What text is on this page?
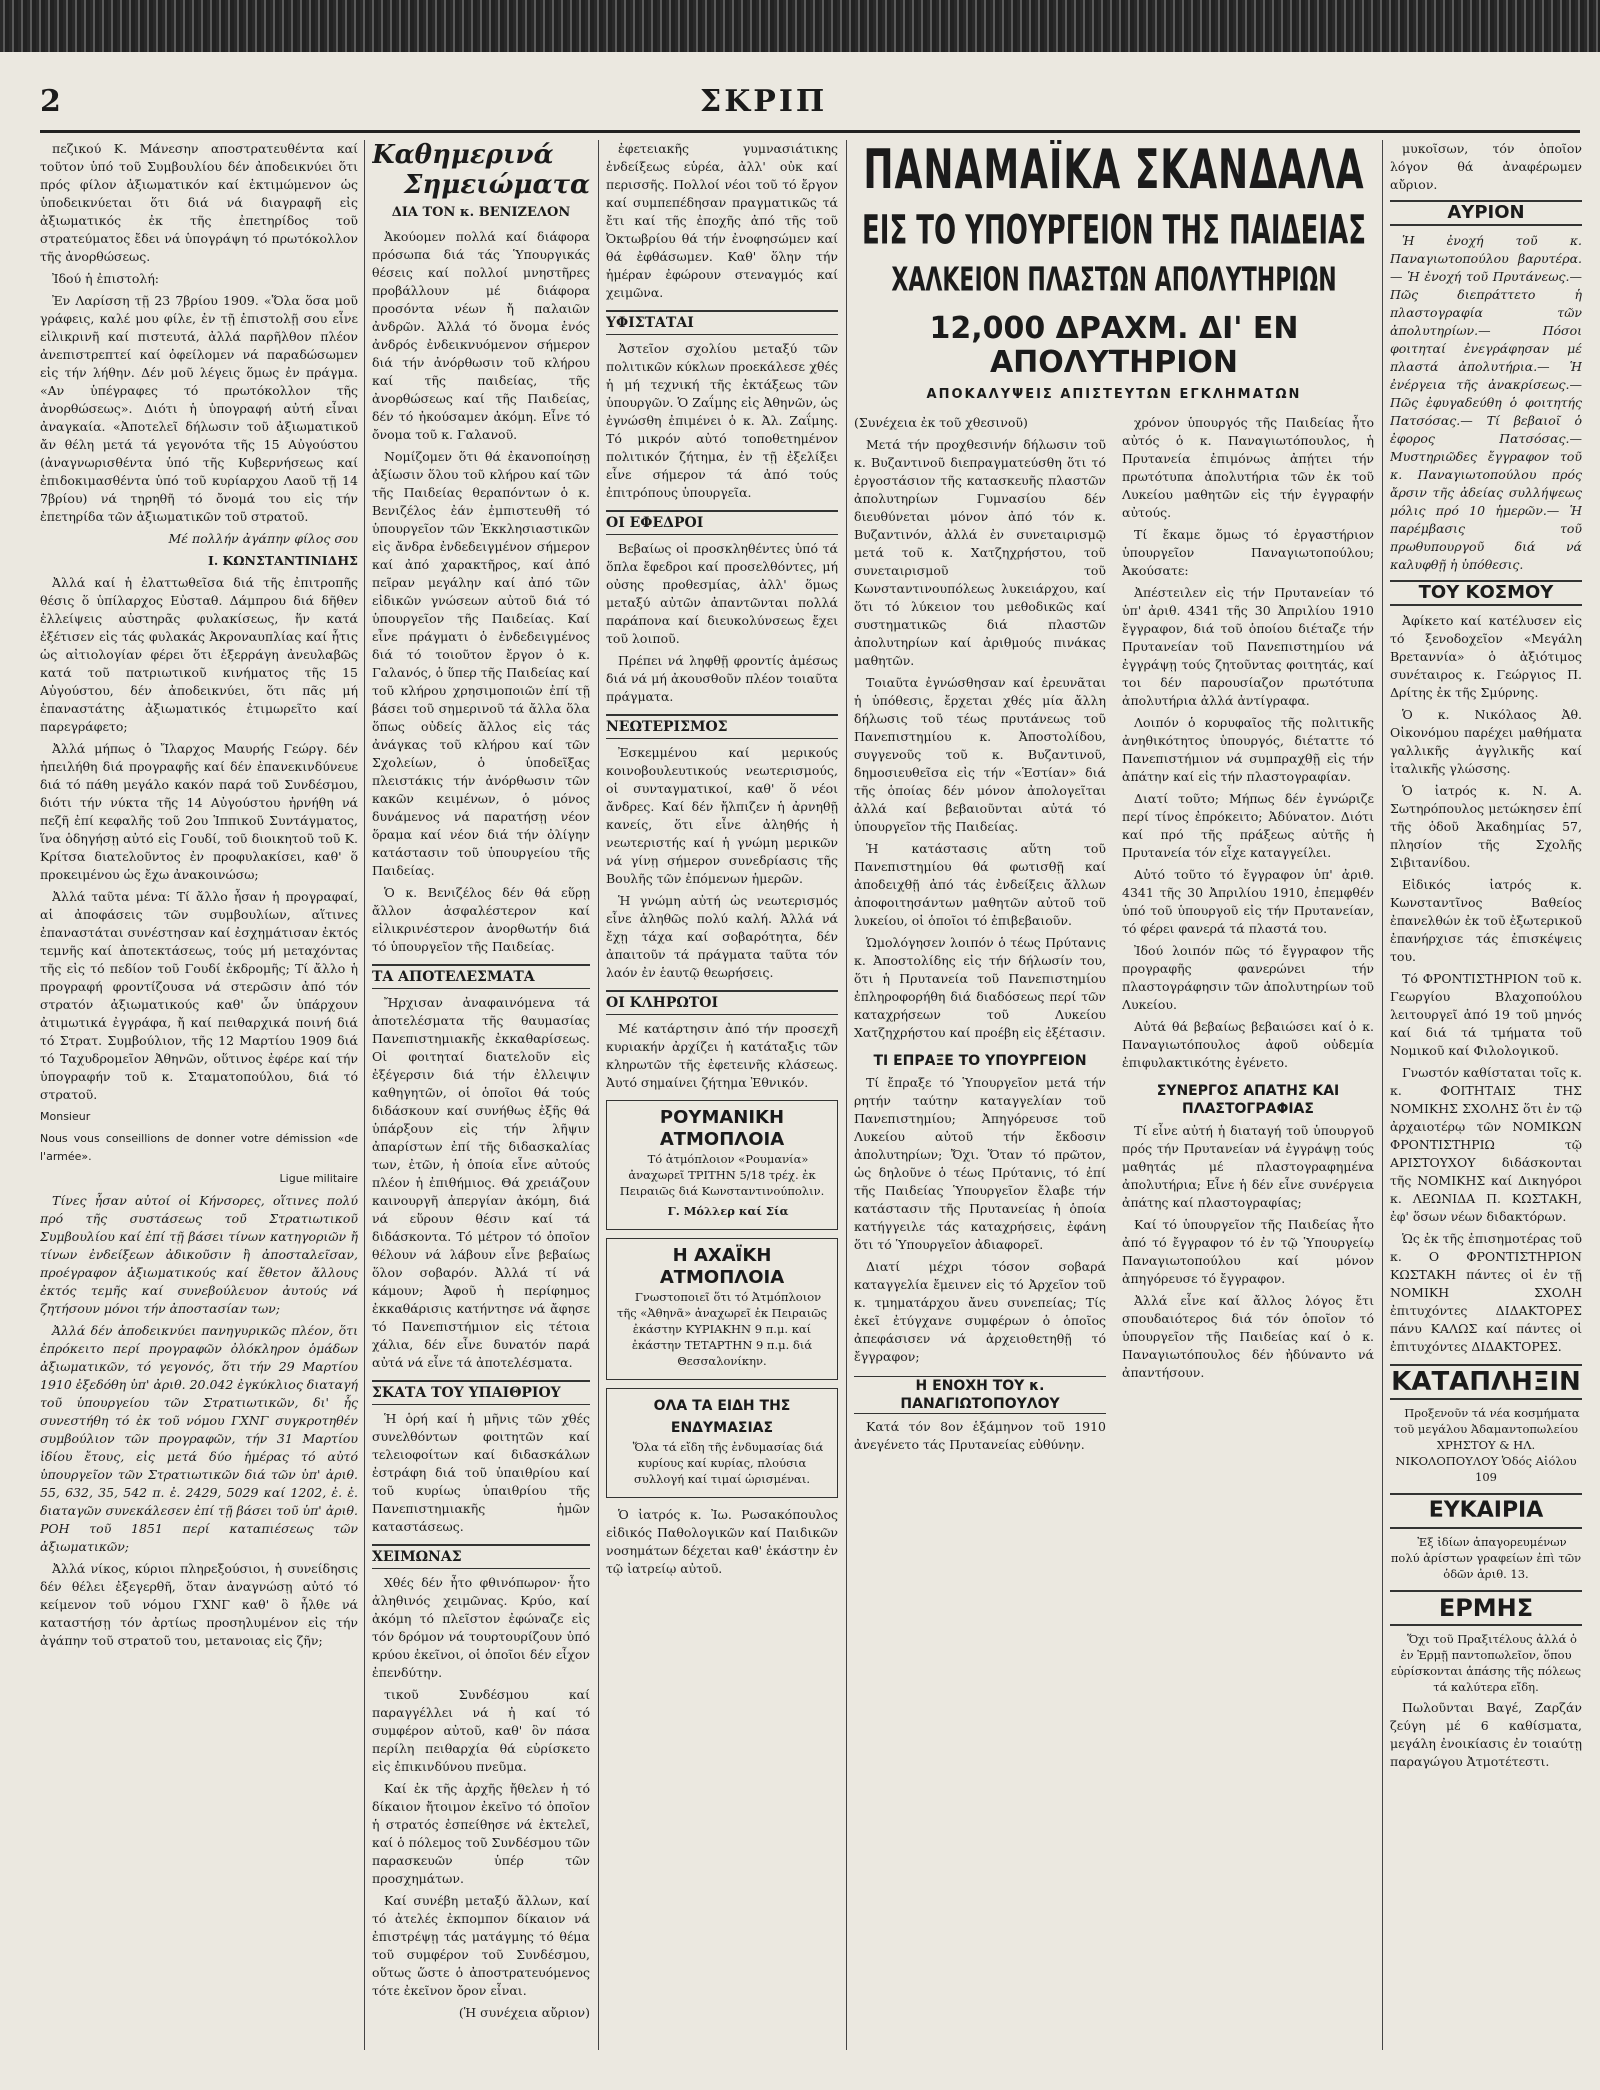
2	ΣΚΡΙΠ

πεζικού Κ. Μάνεσην αποστρατευθέντα καί τοῦτον ὑπό τοῦ Συμβουλίου δέν ἀποδεικνύει ὅτι πρός φίλον ἀξιωματικόν καί ἐκτιμώμενον ὡς ὑποδεικνύεται ὅτι διά νά διαγραφῆ εἰς ἀξιωματικός ἐκ τῆς ἐπετηρίδος τοῦ στρατεύματος ἔδει νά ὑπογράψη τό πρωτόκολλον τῆς ἀνορθώσεως.

Ἰδού ἡ ἐπιστολή:

Ἐν Λαρίσση τῇ 23 7βρίου 1909. «Ὅλα ὅσα μοῦ γράφεις, καλέ μου φίλε, ἐν τῇ ἐπιστολῇ σου εἶνε εἰλικρινῆ καί πιστευτά, ἀλλά παρῆλθον πλέον ἀνεπιστρεπτεί καί ὀφείλομεν νά παραδώσωμεν εἰς τήν λήθην. Δέν μοῦ λέγεις ὅμως ἐν πράγμα. «Αν ὑπέγραφες τό πρωτόκολλον τῆς ἀνορθώσεως». Διότι ἡ ὑπογραφή αὐτή εἶναι ἀναγκαία. «Ἀποτελεῖ δήλωσιν τοῦ ἀξιωματικοῦ ἄν θέλη μετά τά γεγονότα τῆς 15 Αὐγούστου (ἀναγνωρισθέντα ὑπό τῆς Κυβερνήσεως καί ἐπιδοκιμασθέντα ὑπό τοῦ κυρίαρχου Λαοῦ τῇ 14 7βρίου) νά τηρηθῆ τό ὄνομά του εἰς τήν ἐπετηρίδα τῶν ἀξιωματικῶν τοῦ στρατοῦ.

Μέ πολλήν ἀγάπην φίλος σου

Ι. ΚΩΝΣΤΑΝΤΙΝΙΔΗΣ

Ἀλλά καί ἡ ἐλαττωθεῖσα διά τῆς ἐπιτροπῆς θέσις ὅ ὑπίλαρχος Εὐσταθ. Δάμπρου διά δῆθεν ἐλλείψεις αὐστηρᾶς φυλακίσεως, ἥν κατά ἐξέτισεν εἰς τάς φυλακάς Ἀκροναυπλίας καί ἧτις ὡς αἰτιολογίαν φέρει ὅτι ἐξερράγη ἀνευλαβῶς κατά τοῦ πατριωτικοῦ κινήματος τῆς 15 Αὐγούστου, δέν ἀποδεικνύει, ὅτι πᾶς μή ἐπαναστάτης ἀξιωματικός ἐτιμωρεῖτο καί παρεγράφετο;

Ἀλλά μήπως ὁ Ἴλαρχος Μαυρής Γεώργ. δέν ἠπειλήθη διά προγραφῆς καί δέν ἐπανεκινδύνευε διά τό πάθη μεγάλο κακόν παρά τοῦ Συνδέσμου, διότι τήν νύκτα τῆς 14 Αὐγούστου ἠρνήθη νά πεζῆ ἐπί κεφαλῆς τοῦ 2ου Ἱππικοῦ Συντάγματος, ἵνα ὁδηγήσῃ αὐτό εἰς Γουδί, τοῦ διοικητοῦ τοῦ Κ. Κρίτσα διατελοῦντος ἐν προφυλακίσει, καθ' ὅ προκειμένου ὡς ἔχω ἀνακοινώσω;

Ἀλλά ταῦτα μένα: Τί ἄλλο ἦσαν ἡ προγραφαί, αἱ ἀποφάσεις τῶν συμβουλίων, αἵτινες ἐπαναστάται συνέστησαν καί ἐσχημάτισαν ἐκτός τεμνῆς καί ἀποτεκτάσεως, τούς μή μεταχόντας τῆς εἰς τό πεδίον τοῦ Γουδί ἐκδρομῆς; Τί ἄλλο ἡ προγραφή φροντίζουσα νά στερῶσιν ἀπό τόν στρατόν ἀξιωματικούς καθ' ὧν ὑπάρχουν ἀτιμωτικά ἐγγράφα, ἤ καί πειθαρχικά ποινή διά τό Στρατ. Συμβούλιον, τῆς 12 Μαρτίου 1909 διά τό Ταχυδρομεῖον Ἀθηνῶν, οὕτινος ἐφέρε καί τήν ὑπογραφήν τοῦ κ. Σταματοπούλου, διά τό στρατοῦ.

Monsieur

Nous vous conseillions de donner votre démission «de l'armée».

Ligue militaire

Τίνες ἦσαν αὐτοί οἱ Κήνσορες, οἵτινες πολύ πρό τῆς συστάσεως τοῦ Στρατιωτικοῦ Συμβουλίου καί ἐπί τῇ βάσει τίνων κατηγοριῶν ἤ τίνων ἐνδείξεων ἀδικοῦσιν ἢ ἀποσταλεῖσαν, προέγραφον ἀξιωματικούς καί ἔθετον ἄλλους ἐκτός τεμῆς καί συνεβούλευον ἀυτούς νά ζητήσουν μόνοι τήν ἀποστασίαν των;

Ἀλλά δέν ἀποδεικνύει πανηγυρικῶς πλέον, ὅτι ἐπρόκειτο περί προγραφῶν ὀλόκληρον ὁμάδων ἀξιωματικῶν, τό γεγονός, ὅτι τήν 29 Μαρτίου 1910 ἐξεδόθη ὑπ' ἀριθ. 20.042 ἐγκύκλιος διαταγή τοῦ ὑπουργείου τῶν Στρατιωτικῶν, δι' ἧς συνεστήθη τό ἐκ τοῦ νόμου ΓΧΝΓ συγκροτηθέν συμβούλιον τῶν προγραφῶν, τήν 31 Μαρτίου ἰδίου ἔτους, εἰς μετά δύο ἡμέρας τό αὐτό ὑπουργεῖον τῶν Στρατιωτικῶν διά τῶν ὑπ' ἀριθ. 55, 632, 35, 542 π. ἐ. 2429, 5029 καί 1202, ἐ. ἐ. διαταγῶν συνεκάλεσεν ἐπί τῇ βάσει τοῦ ὑπ' ἀριθ. ΡΟΗ τοῦ 1851 περί καταπιέσεως τῶν ἀξιωματικῶν;

Ἀλλά νίκος, κύριοι πληρεξούσιοι, ἡ συνείδησις δέν θέλει ἐξεγερθῆ, ὅταν ἀναγνώσῃ αὐτό τό κείμενον τοῦ νόμου ΓΧΝΓ καθ' ὃ ἦλθε νά καταστήσῃ τόν ἀρτίως προσηλυμένον εἰς τήν ἀγάπην τοῦ στρατοῦ του, μετανοιας εἰς ζῆν;

Καθημερινά
Σημειώματα
ΔΙΑ ΤΟΝ κ. ΒΕΝΙΖΕΛΟΝ

Ἀκούομεν πολλά καί διάφορα πρόσωπα διά τάς Ὑπουργικάς θέσεις καί πολλοί μνηστῆρες προβάλλουν μέ διάφορα προσόντα νέων ἤ παλαιῶν ἀνδρῶν. Ἀλλά τό ὄνομα ἑνός ἀνδρός ἐνδεικνυόμενον σήμερον διά τήν ἀνόρθωσιν τοῦ κλήρου καί τῆς παιδείας, τῆς ἀνορθώσεως καί τῆς Παιδείας, δέν τό ἠκούσαμεν ἀκόμη. Εἶνε τό ὄνομα τοῦ κ. Γαλανοῦ.

Νομίζομεν ὅτι θά ἐκανοποίησῃ ἀξίωσιν ὅλου τοῦ κλήρου καί τῶν τῆς Παιδείας θεραπόντων ὁ κ. Βενιζέλος ἐάν ἐμπιστευθῆ τό ὑπουργεῖον τῶν Ἐκκλησιαστικῶν εἰς ἄνδρα ἐνδεδειγμένον σήμερον καί ἀπό χαρακτῆρος, καί ἀπό πεῖραν μεγάλην καί ἀπό τῶν εἰδικῶν γνώσεων αὐτοῦ διά τό ὑπουργεῖον τῆς Παιδείας. Καί εἶνε πράγματι ὁ ἐνδεδειγμένος διά τό τοιοῦτον ἔργον ὁ κ. Γαλανός, ὁ ὕπερ τῆς Παιδείας καί τοῦ κλήρου χρησιμοποιῶν ἐπί τῇ βάσει τοῦ σημερινοῦ τά ἄλλα ὅλα ὅπως οὐδείς ἄλλος εἰς τάς ἀνάγκας τοῦ κλήρου καί τῶν Σχολείων, ὁ ὑποδεῖξας πλειστάκις τήν ἀνόρθωσιν τῶν κακῶν κειμένων, ὁ μόνος δυνάμενος νά παρατήσῃ νέον ὅραμα καί νέον διά τήν ὀλίγην κατάστασιν τοῦ ὑπουργείου τῆς Παιδείας.

Ὁ κ. Βενιζέλος δέν θά εὕρῃ ἄλλον ἀσφαλέστερον καί εἰλικρινέστερον ἀνορθωτήν διά τό ὑπουργεῖον τῆς Παιδείας.

ΤΑ ΑΠΟΤΕΛΕΣΜΑΤΑ

Ἤρχισαν ἀναφαινόμενα τά ἀποτελέσματα τῆς θαυμασίας Πανεπιστημιακῆς ἐκκαθαρίσεως. Οἱ φοιτηταί διατελοῦν εἰς ἐξέγερσιν διά τήν ἐλλειψιν καθηγητῶν, οἱ ὁποῖοι θά τούς διδάσκουν καί συνήθως ἐξῆς θά ὑπάρξουν εἰς τήν λῆψιν ἀπαρίστων ἐπί τῆς διδασκαλίας των, ἐτῶν, ἡ ὁποία εἶνε αὐτούς πλέον ἡ ἐπιθήμιος. Θά χρειάζουν καινουργῆ ἀπεργίαν ἀκόμη, διά νά εὕρουν θέσιν καί τά διδάσκοντα. Τό μέτρον τό ὁποῖον θέλουν νά λάβουν εἶνε βεβαίως ὅλον σοβαρόν. Ἀλλά τί νά κάμουν; Ἀφοῦ ἡ περίφημος ἐκκαθάρισις κατήντησε νά ἄφησε τό Πανεπιστήμιον εἰς τέτοια χάλια, δέν εἶνε δυνατόν παρά αὐτά νά εἶνε τά ἀποτελέσματα.

ΣΚΑΤΑ ΤΟΥ ΥΠΑΙΘΡΙΟΥ

Ἡ ὁρή καί ἡ μῆνις τῶν χθές συνελθόντων φοιτητῶν καί τελειοφοίτων καί διδασκάλων ἐστράφη διά τοῦ ὑπαιθρίου καί τοῦ κυρίως ὑπαιθρίου τῆς Πανεπιστημιακῆς ἡμῶν καταστάσεως.

ΧΕΙΜΩΝΑΣ

Χθές δέν ἦτο φθινόπωρον· ἦτο ἀληθινός χειμῶνας. Κρύο, καί ἀκόμη τό πλεῖστον ἐφώναζε εἰς τόν δρόμον νά τουρτουρίζουν ὑπό κρύου ἐκεῖνοι, οἱ ὁποῖοι δέν εἶχον ἐπενδύτην.

τικοῦ Συνδέσμου καί παραγγέλλει νά ἠ καί τό συμφέρον αὐτοῦ, καθ' ὃν πάσα περίλη πειθαρχία θά εὑρίσκετο εἰς ἐπικινδύνου πνεῦμα.

Καί ἐκ τῆς ἀρχῆς ἤθελεν ἡ τό δίκαιον ἤτοιμον ἐκεῖνο τό ὁποῖον ἡ στρατός ἐσπείθησε νά ἐκτελεῖ, καί ὁ πόλεμος τοῦ Συνδέσμου τῶν παρασκευῶν ὑπέρ τῶν προσχημάτων.

Καί συνέβη μεταξύ ἄλλων, καί τό ἀτελές ἐκπομπον δίκαιον νά ἐπιστρέψῃ τάς ματάγμης τό θέμα τοῦ συμφέρον τοῦ Συνδέσμου, οὕτως ὥστε ὁ ἀποστρατευόμενος τότε ἐκεῖνον ὄρον εἶναι.

(Ἡ συνέχεια αὔριον)

ἐφετειακῆς γυμνασιάτικης ἐνδείξεως εὑρέα, ἀλλ' οὐκ καί περισσῆς. Πολλοί νέοι τοῦ τό ἔργον καί συμπεπέδησαν πραγματικῶς τά ἔτι καί τῆς ἐποχῆς ἀπό τῆς τοῦ Ὀκτωβρίου θά τήν ἐνοφησώμεν καί θά ἐφθάσωμεν. Καθ' ὅλην τήν ἡμέραν ἐφώρουν στεναγμός καί χειμῶνα.

ΥΦΙΣΤΑΤΑΙ

Ἀστεῖον σχολίου μεταξύ τῶν πολιτικῶν κύκλων προεκάλεσε χθές ἡ μή τεχνική τῆς ἐκτάξεως τῶν ὑπουργῶν. Ὁ Ζαΐμης εἰς Ἀθηνῶν, ὡς ἐγνώσθη ἐπιμένει ὁ κ. Ἀλ. Ζαΐμης. Τό μικρόν αὐτό τοποθετημένον πολιτικόν ζήτημα, ἐν τῇ ἐξελίξει εἶνε σήμερον τά ἀπό τούς ἐπιτρόπους ὑπουργεῖα.

ΟΙ ΕΦΕΔΡΟΙ

Βεβαίως οἱ προσκληθέντες ὑπό τά ὅπλα ἔφεδροι καί προσελθόντες, μή οὐσης προθεσμίας, ἀλλ' ὅμως μεταξύ αὐτῶν ἀπαντῶνται πολλά παράπονα καί διευκολύνσεως ἔχει τοῦ λοιποῦ.

Πρέπει νά ληφθῇ φροντίς ἁμέσως διά νά μή ἀκουσθοῦν πλέον τοιαῦτα πράγματα.

ΝΕΩΤΕΡΙΣΜΟΣ

Ἐσκεμμένου καί μερικούς κοινοβουλευτικούς νεωτερισμούς, οἱ συνταγματικοί, καθ' ὅ νέοι ἄνδρες. Καί δέν ἤλπιζεν ἡ ἀρνηθῇ κανείς, ὅτι εἶνε ἀληθής ἡ νεωτεριστής καί ἡ γνώμη μερικῶν νά γίνῃ σήμερον συνεδρίασις τῆς Βουλῆς τῶν ἐπόμενων ἡμερῶν.

Ἡ γνώμη αὐτή ὡς νεωτερισμός εἶνε ἀληθῶς πολύ καλή. Ἀλλά νά ἔχῃ τάχα καί σοβαρότητα, δέν ἀπαιτοῦν τά πράγματα ταῦτα τόν λαόν ἐν ἑαυτῷ θεωρήσεις.

ΟΙ ΚΛΗΡΩΤΟΙ

Μέ κατάρτησιν ἀπό τήν προσεχῆ κυριακήν ἀρχίζει ἡ κατάταξις τῶν κληρωτῶν τῆς ἐφετεινῆς κλάσεως. Ἀυτό σημαίνει ζήτημα Ἐθνικόν.

ΡΟΥΜΑΝΙΚΗ ΑΤΜΟΠΛΟΙΑ

Τό ἀτμόπλοιον «Ρουμανία» ἀναχωρεῖ ΤΡΙΤΗΝ 5/18 τρέχ. ἐκ Πειραιῶς διά Κωνσταντινούπολιν.

Γ. Μόλλερ καί Σία

Η ΑΧΑΪΚΗ ΑΤΜΟΠΛΟΙΑ

Γνωστοποιεῖ ὅτι τό Ἀτμόπλοιον τῆς «Ἀθηνᾶ» ἀναχωρεῖ ἐκ Πειραιῶς ἐκάστην ΚΥΡΙΑΚΗΝ 9 π.μ. καί ἐκάστην ΤΕΤΑΡΤΗΝ 9 π.μ. διά Θεσσαλονίκην.

ΟΛΑ ΤΑ ΕΙΔΗ ΤΗΣ ΕΝΔΥΜΑΣΙΑΣ

Ὅλα τά εἴδη τῆς ἐνδυμασίας διά κυρίους καί κυρίας, πλούσια συλλογή καί τιμαί ὡρισμέναι.

Ὁ ἰατρός κ. Ἰω. Ρωσακόπουλος εἰδικός Παθολογικῶν καί Παιδικῶν νοσημάτων δέχεται καθ' ἑκάστην ἐν τῷ ἰατρείῳ αὐτοῦ.

ΠΑΝΑΜΑΪΚΑ ΣΚΑΝΔΑΛΑ
ΕΙΣ ΤΟ ΥΠΟΥΡΓΕΙΟΝ ΤΗΣ ΠΑΙΔΕΙΑΣ
ΧΑΛΚΕΙΟΝ ΠΛΑΣΤΩΝ ΑΠΟΛΥΤΗΡΙΩΝ
12,000 ΔΡΑΧΜ. ΔΙ' ΕΝ ΑΠΟΛΥΤΗΡΙΟΝ
ΑΠΟΚΑΛΥΨΕΙΣ ΑΠΙΣΤΕΥΤΩΝ ΕΓΚΛΗΜΑΤΩΝ

(Συνέχεια ἐκ τοῦ χθεσινοῦ)

Μετά τήν προχθεσινήν δήλωσιν τοῦ κ. Βυζαντινοῦ διεπραγματεύσθη ὅτι τό ἐργοστάσιον τῆς κατασκευῆς πλαστῶν ἀπολυτηρίων Γυμνασίου δέν διευθύνεται μόνον ἀπό τόν κ. Βυζαντινόν, ἀλλά ἐν συνεταιρισμῷ μετά τοῦ κ. Χατζηχρήστου, τοῦ συνεταιρισμοῦ τοῦ Κωνσταντινουπόλεως λυκειάρχου, καί ὅτι τό λύκειον του μεθοδικῶς καί συστηματικῶς διά πλαστῶν ἀπολυτηρίων καί ἀριθμούς πινάκας μαθητῶν.

Τοιαῦτα ἐγνώσθησαν καί ἐρευνᾶται ἡ ὑπόθεσις, ἔρχεται χθές μία ἄλλη δήλωσις τοῦ τέως πρυτάνεως τοῦ Πανεπιστημίου κ. Ἀποστολίδου, συγγενοῦς τοῦ κ. Βυζαντινοῦ, δημοσιευθεῖσα εἰς τήν «Ἑστίαν» διά τῆς ὁποίας δέν μόνον ἀπολογεῖται ἀλλά καί βεβαιοῦνται αὐτά τό ὑπουργεῖον τῆς Παιδείας.

Ἡ κατάστασις αὕτη τοῦ Πανεπιστημίου θά φωτισθῇ καί ἀποδειχθῇ ἀπό τάς ἐνδείξεις ἄλλων ἀποφοιτησάντων μαθητῶν αὐτοῦ τοῦ λυκείου, οἱ ὁποῖοι τό ἐπιβεβαιοῦν.

Ὡμολόγησεν λοιπόν ὁ τέως Πρύτανις κ. Ἀποστολίδης εἰς τήν δήλωσίν του, ὅτι ἡ Πρυτανεία τοῦ Πανεπιστημίου ἐπληροφορήθη διά διαδόσεως περί τῶν καταχρήσεων τοῦ Λυκείου Χατζηχρήστου καί προέβη εἰς ἐξέτασιν.

ΤΙ ΕΠΡΑΞΕ ΤΟ ΥΠΟΥΡΓΕΙΟΝ

Τί ἔπραξε τό Ὑπουργεῖον μετά τήν ρητήν ταύτην καταγγελίαν τοῦ Πανεπιστημίου; Ἀπηγόρευσε τοῦ Λυκείου αὐτοῦ τήν ἔκδοσιν ἀπολυτηρίων; Ὄχι. Ὅταν τό πρῶτον, ὡς δηλοῦνε ὁ τέως Πρύτανις, τό ἐπί τῆς Παιδείας Ὑπουργεῖον ἔλαβε τήν κατάστασιν τῆς Πρυτανείας ἡ ὁποία κατήγγειλε τάς καταχρήσεις, ἐφάνη ὅτι τό Ὑπουργεῖον ἀδιαφορεῖ.

Διατί μέχρι τόσον σοβαρά καταγγελία ἔμεινεν εἰς τό Ἀρχεῖον τοῦ κ. τμηματάρχου ἄνευ συνεπείας; Τίς ἐκεῖ ἐτύγχανε συμφέρων ὁ ὁποῖος ἀπεφάσισεν νά ἀρχειοθετηθῇ τό ἔγγραφον;

Η ΕΝΟΧΗ ΤΟΥ κ. ΠΑΝΑΓΙΩΤΟΠΟΥΛΟΥ

Κατά τόν 8ον ἑξάμηνον τοῦ 1910 ἀνεγένετο τάς Πρυτανείας εὐθύνην.

χρόνον ὑπουργός τῆς Παιδείας ἦτο αὐτός ὁ κ. Παναγιωτόπουλος, ἡ Πρυτανεία ἐπιμόνως ἀπῄτει τήν πρωτότυπα ἀπολυτήρια τῶν ἐκ τοῦ Λυκείου μαθητῶν εἰς τήν ἐγγραφήν αὐτούς.

Τί ἔκαμε ὅμως τό ἐργαστήριον ὑπουργεῖον Παναγιωτοπούλου; Ἀκούσατε:

Ἀπέστειλεν εἰς τήν Πρυτανείαν τό ὑπ' ἀριθ. 4341 τῆς 30 Ἀπριλίου 1910 ἔγγραφον, διά τοῦ ὁποίου διέταζε τήν Πρυτανείαν τοῦ Πανεπιστημίου νά ἐγγράψῃ τούς ζητοῦντας φοιτητάς, καί τοι δέν παρουσίαζον πρωτότυπα ἀπολυτήρια ἀλλά ἀντίγραφα.

Λοιπόν ὁ κορυφαῖος τῆς πολιτικῆς ἀνηθικότητος ὑπουργός, διέταττε τό Πανεπιστήμιον νά συμπραχθῇ εἰς τήν ἀπάτην καί εἰς τήν πλαστογραφίαν.

Διατί τοῦτο; Μήπως δέν ἐγνώριζε περί τίνος ἐπρόκειτο; Ἀδύνατον. Διότι καί πρό τῆς πράξεως αὐτῆς ἡ Πρυτανεία τόν εἶχε καταγγείλει.

Αὐτό τοῦτο τό ἔγγραφον ὑπ' ἀριθ. 4341 τῆς 30 Ἀπριλίου 1910, ἐπεμφθέν ὑπό τοῦ ὑπουργοῦ εἰς τήν Πρυτανείαν, τό φέρει φανερά τά πλαστά του.

Ἰδού λοιπόν πῶς τό ἔγγραφον τῆς προγραφῆς φανερώνει τήν πλαστογράφησιν τῶν ἀπολυτηρίων τοῦ Λυκείου.

Αὐτά θά βεβαίως βεβαιώσει καί ὁ κ. Παναγιωτόπουλος ἀφοῦ οὐδεμία ἐπιφυλακτικότης ἐγένετο.

ΣΥΝΕΡΓΟΣ ΑΠΑΤΗΣ ΚΑΙ ΠΛΑΣΤΟΓΡΑΦΙΑΣ

Τί εἶνε αὐτή ἡ διαταγή τοῦ ὑπουργοῦ πρός τήν Πρυτανείαν νά ἐγγράψῃ τούς μαθητάς μέ πλαστογραφημένα ἀπολυτήρια; Εἶνε ἡ δέν εἶνε συνέργεια ἀπάτης καί πλαστογραφίας;

Καί τό ὑπουργεῖον τῆς Παιδείας ἦτο ἀπό τό ἔγγραφον τό ἐν τῷ Ὑπουργείῳ Παναγιωτοπούλου καί μόνον ἀπηγόρευσε τό ἔγγραφον.

Ἀλλά εἶνε καί ἄλλος λόγος ἔτι σπουδαιότερος διά τόν ὁποῖον τό ὑπουργεῖον τῆς Παιδείας καί ὁ κ. Παναγιωτόπουλος δέν ἠδύναντο νά ἀπαντήσουν.

μυκοῖσων, τόν ὁποῖον λόγον θά ἀναφέρωμεν αὔριον.

ΑΥΡΙΟΝ

Ἡ ἐνοχή τοῦ κ. Παναγιωτοπούλου βαρυτέρα.— Ἡ ἐνοχή τοῦ Πρυτάνεως.— Πῶς διεπράττετο ἡ πλαστογραφία τῶν ἀπολυτηρίων.— Πόσοι φοιτηταί ἐνεγράφησαν μέ πλαστά ἀπολυτήρια.— Ἡ ἐνέργεια τῆς ἀνακρίσεως.— Πῶς ἐφυγαδεύθη ὁ φοιτητής Πατσόσας.— Τί βεβαιοῖ ὁ ἐφορος Πατσόσας.— Μυστηριῶδες ἔγγραφον τοῦ κ. Παναγιωτοπούλου πρός ἄρσιν τῆς ἀδείας συλλήψεως μόλις πρό 10 ἡμερῶν.— Ἡ παρέμβασις τοῦ πρωθυπουργοῦ διά νά καλυφθῇ ἡ ὑπόθεσις.

ΤΟΥ ΚΟΣΜΟΥ

Ἀφίκετο καί κατέλυσεν εἰς τό ξενοδοχεῖον «Μεγάλη Βρεταννία» ὁ ἀξιότιμος συνέταιρος κ. Γεώργιος Π. Δρίτης ἐκ τῆς Σμύρνης.

Ὁ κ. Νικόλαος Ἀθ. Οἰκονόμου παρέχει μαθήματα γαλλικῆς ἀγγλικῆς καί ἰταλικῆς γλώσσης.

Ὁ ἰατρός κ. Ν. Α. Σωτηρόπουλος μετώκησεν ἐπί τῆς ὁδοῦ Ἀκαδημίας 57, πλησίον τῆς Σχολῆς Σιβιτανίδου.

Εἰδικός ἰατρός κ. Κωνσταντῖνος Βαθείος ἐπανελθών ἐκ τοῦ ἐξωτερικοῦ ἐπανήρχισε τάς ἐπισκέψεις του.

Τό ΦΡΟΝΤΙΣΤΗΡΙΟΝ τοῦ κ. Γεωργίου Βλαχοπούλου λειτουργεῖ ἀπό 19 τοῦ μηνός καί διά τά τμήματα τοῦ Νομικοῦ καί Φιλολογικοῦ.

Γνωστόν καθίσταται τοῖς κ. κ. ΦΟΙΤΗΤΑΙΣ ΤΗΣ ΝΟΜΙΚΗΣ ΣΧΟΛΗΣ ὅτι ἐν τῷ ἀρχαιοτέρῳ τῶν ΝΟΜΙΚΩΝ ΦΡΟΝΤΙΣΤΗΡΙΩ τῷ ΑΡΙΣΤΟΥΧΟΥ διδάσκονται τῆς ΝΟΜΙΚΗΣ καί Δικηγόροι κ. ΛΕΩΝΙΔΑ Π. ΚΩΣΤΑΚΗ, ἐφ' ὅσων νέων διδακτόρων.

Ὡς ἐκ τῆς ἐπισημοτέρας τοῦ κ. Ο ΦΡΟΝΤΙΣΤΗΡΙΟΝ ΚΩΣΤΑΚΗ πάντες οἱ ἐν τῇ ΝΟΜΙΚΗ ΣΧΟΛΗ ἐπιτυχόντες ΔΙΔΑΚΤΟΡΕΣ πάνυ ΚΑΛΩΣ καί πάντες οἱ ἐπιτυχόντες ΔΙΔΑΚΤΟΡΕΣ.

ΚΑΤΑΠΛΗΞΙΝ

Προξενοῦν τά νέα κοσμήματα τοῦ μεγάλου Ἀδαμαντοπωλείου ΧΡΗΣΤΟΥ & ΗΛ. ΝΙΚΟΛΟΠΟΥΛΟΥ Ὁδός Αἰόλου 109

ΕΥΚΑΙΡΙΑ

Ἐξ ἰδίων ἀπαγορευμένων πολύ ἀρίστων γραφείων ἐπὶ τῶν ὁδῶν ἀριθ. 13.

ΕΡΜΗΣ

Ὅχι τοῦ Πραξιτέλους ἀλλά ὁ ἐν Ἑρμῇ παντοπωλεῖον, ὅπου εὑρίσκονται ἁπάσης τῆς πόλεως τά καλύτερα εἴδη.

Πωλοῦνται Βαγέ, Ζαρζάν ζεύγη μέ 6 καθίσματα, μεγάλη ἐνοικίασις ἐν τοιαύτῃ παραγώγου Ἀτμοτέτεστι.
